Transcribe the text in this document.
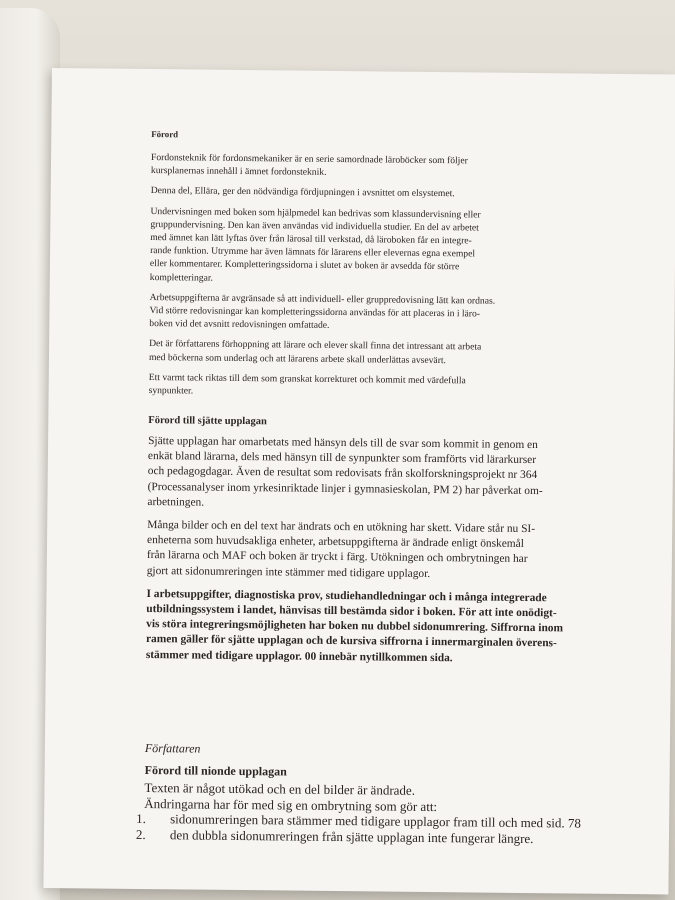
Förord

Fordonsteknik för fordonsmekaniker är en serie samordnade läroböcker som följer
kursplanernas innehåll i ämnet fordonsteknik.

Denna del, Ellära, ger den nödvändiga fördjupningen i avsnittet om elsystemet.

Undervisningen med boken som hjälpmedel kan bedrivas som klassundervisning eller
gruppundervisning. Den kan även användas vid individuella studier. En del av arbetet
med ämnet kan lätt lyftas över från lärosal till verkstad, då läroboken får en integre-
rande funktion. Utrymme har även lämnats för lärarens eller elevernas egna exempel
eller kommentarer. Kompletteringssidorna i slutet av boken är avsedda för större
kompletteringar.

Arbetsuppgifterna är avgränsade så att individuell- eller gruppredovisning lätt kan ordnas.
Vid större redovisningar kan kompletteringssidorna användas för att placeras in i läro-
boken vid det avsnitt redovisningen omfattade.

Det är författarens förhoppning att lärare och elever skall finna det intressant att arbeta
med böckerna som underlag och att lärarens arbete skall underlättas avsevärt.

Ett varmt tack riktas till dem som granskat korrekturet och kommit med värdefulla
synpunkter.

Förord till sjätte upplagan

Sjätte upplagan har omarbetats med hänsyn dels till de svar som kommit in genom en
enkät bland lärarna, dels med hänsyn till de synpunkter som framförts vid lärarkurser
och pedagogdagar. Även de resultat som redovisats från skolforskningsprojekt nr 364
(Processanalyser inom yrkesinriktade linjer i gymnasieskolan, PM 2) har påverkat om-
arbetningen.

Många bilder och en del text har ändrats och en utökning har skett. Vidare står nu SI-
enheterna som huvudsakliga enheter, arbetsuppgifterna är ändrade enligt önskemål
från lärarna och MAF och boken är tryckt i färg. Utökningen och ombrytningen har
gjort att sidonumreringen inte stämmer med tidigare upplagor.

I arbetsuppgifter, diagnostiska prov, studiehandledningar och i många integrerade
utbildningssystem i landet, hänvisas till bestämda sidor i boken. För att inte onödigt-
vis störa integreringsmöjligheten har boken nu dubbel sidonumrering. Siffrorna inom
ramen gäller för sjätte upplagan och de kursiva siffrorna i innermarginalen överens-
stämmer med tidigare upplagor. 00 innebär nytillkommen sida.

Författaren
Förord till nionde upplagan

Texten är något utökad och en del bilder är ändrade.

Ändringarna har för med sig en ombrytning som gör att:

1. sidonumreringen bara stämmer med tidigare upplagor fram till och med sid. 78
2. den dubbla sidonumreringen från sjätte upplagan inte fungerar längre.
